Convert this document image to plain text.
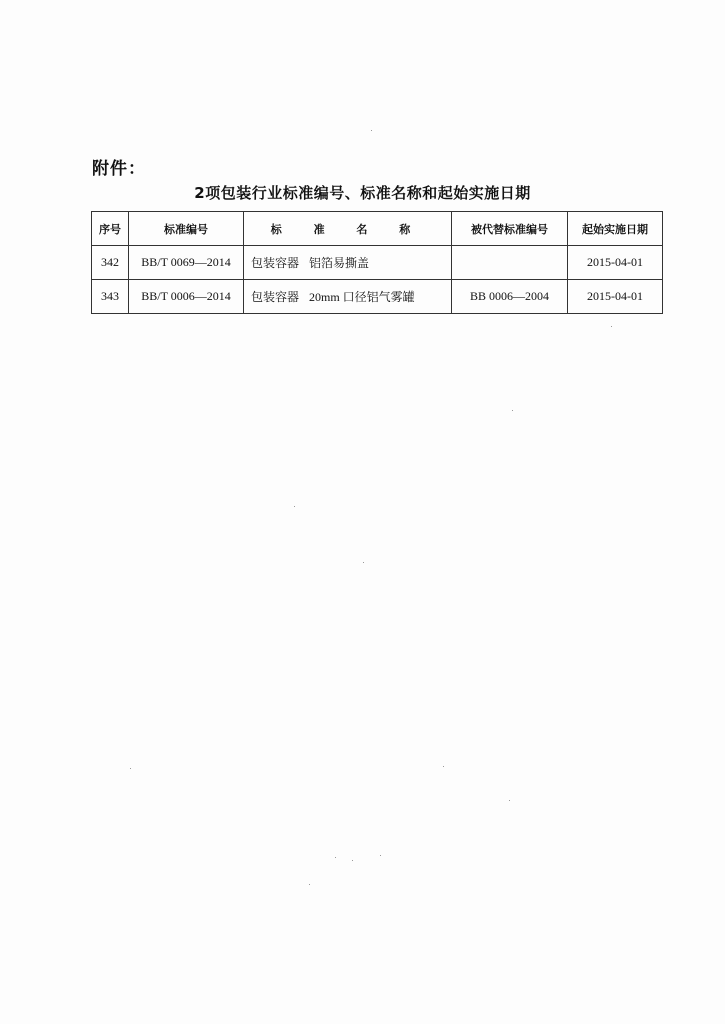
附件：
2项包装行业标准编号、标准名称和起始实施日期
序号	标准编号	标 准 名 称	被代替标准编号	起始实施日期
342	BB/T 0069—2014	包装容器 铝箔易撕盖		2015-04-01
343	BB/T 0006—2014	包装容器 20mm 口径铝气雾罐	BB 0006—2004	2015-04-01
